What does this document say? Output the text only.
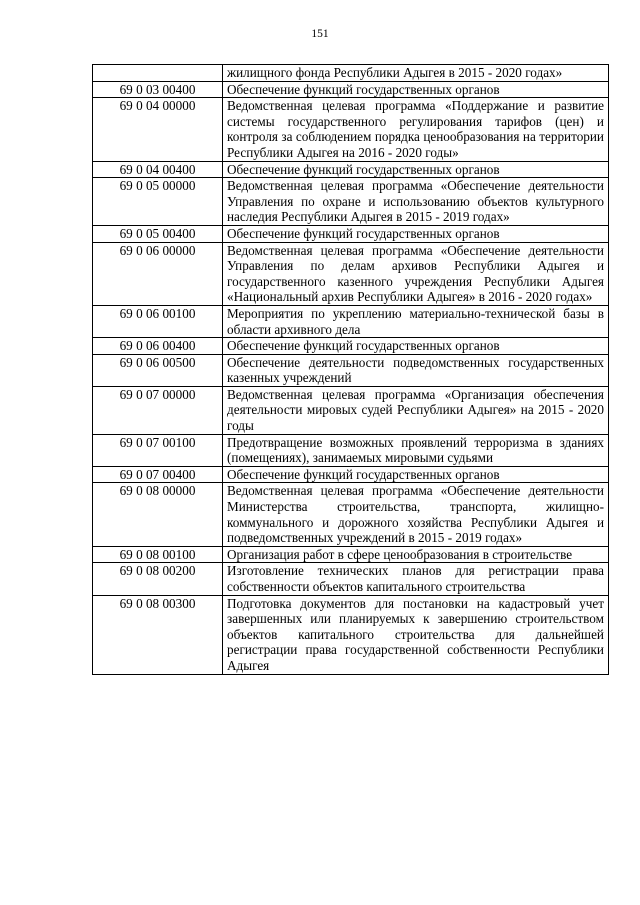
151
	жилищного фонда Республики Адыгея в 2015 - 2020 годах»
69 0 03 00400	Обеспечение функций государственных органов
69 0 04 00000	Ведомственная целевая программа «Поддержание и развитие системы государственного регулирования тарифов (цен) и контроля за соблюдением порядка ценообразования на территории Республики Адыгея на 2016 - 2020 годы»
69 0 04 00400	Обеспечение функций государственных органов
69 0 05 00000	Ведомственная целевая программа «Обеспечение деятельности Управления по охране и использованию объектов культурного наследия Республики Адыгея в 2015 - 2019 годах»
69 0 05 00400	Обеспечение функций государственных органов
69 0 06 00000	Ведомственная целевая программа «Обеспечение деятельности Управления по делам архивов Республики Адыгея и государственного казенного учреждения Республики Адыгея «Национальный архив Республики Адыгея» в 2016 - 2020 годах»
69 0 06 00100	Мероприятия по укреплению материально-технической базы в области архивного дела
69 0 06 00400	Обеспечение функций государственных органов
69 0 06 00500	Обеспечение деятельности подведомственных государственных казенных учреждений
69 0 07 00000	Ведомственная целевая программа «Организация обеспечения деятельности мировых судей Республики Адыгея» на 2015 - 2020 годы
69 0 07 00100	Предотвращение возможных проявлений терроризма в зданиях (помещениях), занимаемых мировыми судьями
69 0 07 00400	Обеспечение функций государственных органов
69 0 08 00000	Ведомственная целевая программа «Обеспечение деятельности Министерства строительства, транспорта, жилищно-коммунального и дорожного хозяйства Республики Адыгея и подведомственных учреждений в 2015 - 2019 годах»
69 0 08 00100	Организация работ в сфере ценообразования в строительстве
69 0 08 00200	Изготовление технических планов для регистрации права собственности объектов капитального строительства
69 0 08 00300	Подготовка документов для постановки на кадастровый учет завершенных или планируемых к завершению строительством объектов капитального строительства для дальнейшей регистрации права государственной собственности Республики Адыгея
